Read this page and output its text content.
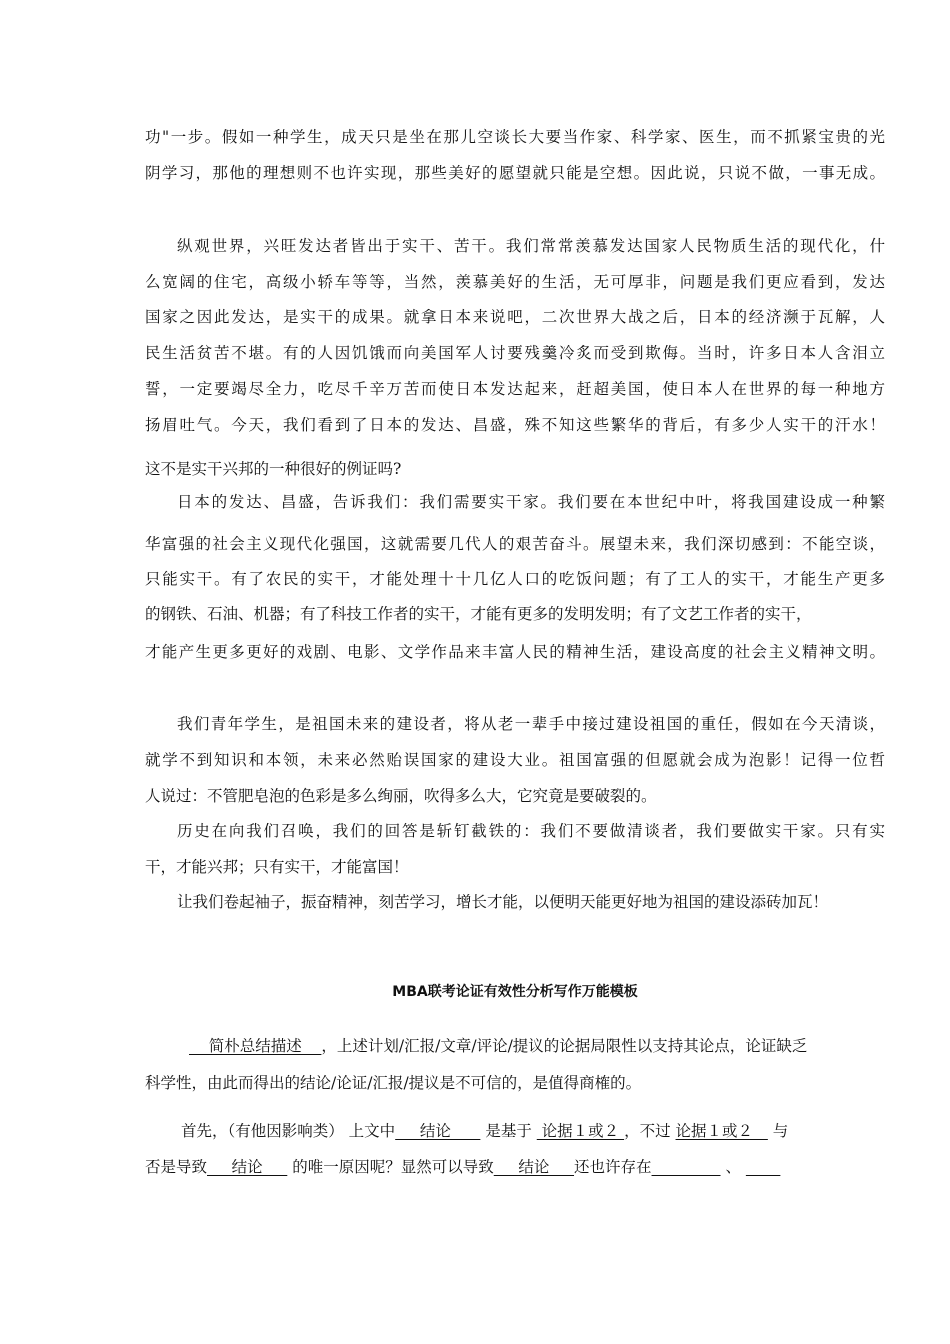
功"一步。假如一种学生，成天只是坐在那儿空谈长大要当作家、科学家、医生，而不抓紧宝贵的光
阴学习，那他的理想则不也许实现，那些美好的愿望就只能是空想。因此说，只说不做，一事无成。
纵观世界，兴旺发达者皆出于实干、苦干。我们常常羡慕发达国家人民物质生活的现代化，什
么宽阔的住宅，高级小轿车等等，当然，羡慕美好的生活，无可厚非，问题是我们更应看到，发达
国家之因此发达，是实干的成果。就拿日本来说吧，二次世界大战之后，日本的经济濒于瓦解，人
民生活贫苦不堪。有的人因饥饿而向美国军人讨要残羹冷炙而受到欺侮。当时，许多日本人含泪立
誓，一定要竭尽全力，吃尽千辛万苦而使日本发达起来，赶超美国，使日本人在世界的每一种地方
扬眉吐气。今天，我们看到了日本的发达、昌盛，殊不知这些繁华的背后，有多少人实干的汗水！
这不是实干兴邦的一种很好的例证吗?
日本的发达、昌盛，告诉我们：我们需要实干家。我们要在本世纪中叶，将我国建设成一种繁
华富强的社会主义现代化强国，这就需要几代人的艰苦奋斗。展望未来，我们深切感到：不能空谈，
只能实干。有了农民的实干，才能处理十十几亿人口的吃饭问题；有了工人的实干，才能生产更多
的钢铁、石油、机器；有了科技工作者的实干，才能有更多的发明发明；有了文艺工作者的实干，
才能产生更多更好的戏剧、电影、文学作品来丰富人民的精神生活，建设高度的社会主义精神文明。
我们青年学生，是祖国未来的建设者，将从老一辈手中接过建设祖国的重任，假如在今天清谈，
就学不到知识和本领，未来必然贻误国家的建设大业。祖国富强的但愿就会成为泡影！记得一位哲
人说过：不管肥皂泡的色彩是多么绚丽，吹得多么大，它究竟是要破裂的。
历史在向我们召唤，我们的回答是斩钉截铁的：我们不要做清谈者，我们要做实干家。只有实
干，才能兴邦；只有实干，才能富国！
让我们卷起袖子，振奋精神，刻苦学习，增长才能，以便明天能更好地为祖国的建设添砖加瓦！
MBA联考论证有效性分析写作万能模板
简朴总结描述    ，上述计划/汇报/文章/评论/提议的论据局限性以支持其论点，论证缺乏
科学性，由此而得出的结论/论证/汇报/提议是不可信的，是值得商榷的。
首先，（有他因影响类） 上文中     结论       是基于  论据１或２ ，不过 论据１或２    与
否是导致     结论      的唯一原因呢？显然可以导致     结论     还也许存在	、
